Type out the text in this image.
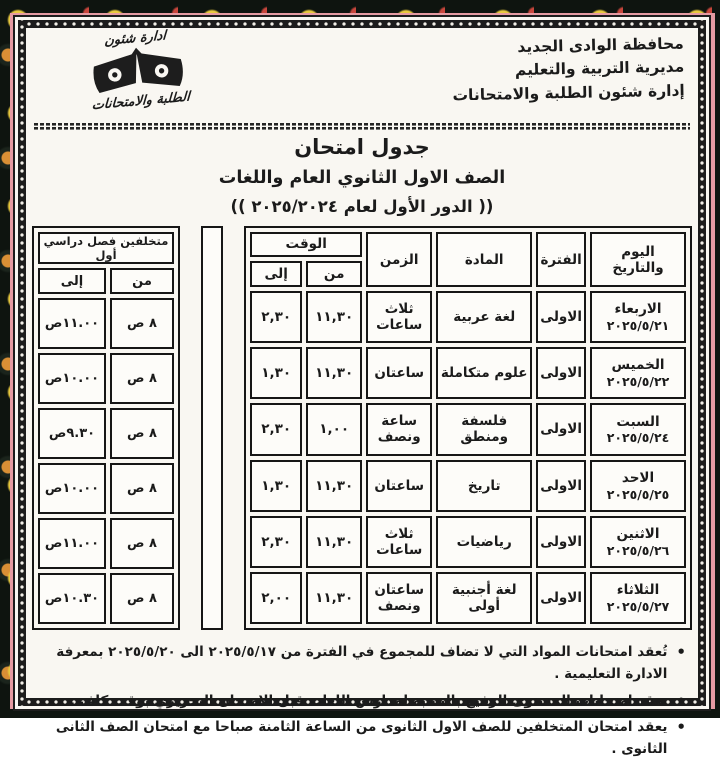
محافظة الوادى الجديد
مديرية التربية والتعليم
إدارة شئون الطلبة والامتحانات
ادارة شئون
الطلبة والامتحانات
جدول امتحان
الصف الاول الثانوي العام واللغات
(( الدور الأول لعام ٢٠٢٥/٢٠٢٤ ))
اليوم والتاريخ	الفترة	المادة	الزمن	الوقت	
				من	إلى

الاربعاء
٢٠٢٥/٥/٢١	الاولى	لغة عربية	ثلاث ساعات	١١,٣٠	٢,٣٠

الخميس
٢٠٢٥/٥/٢٢	الاولى	علوم متكاملة	ساعتان	١١,٣٠	١,٣٠

السبت
٢٠٢٥/٥/٢٤	الاولى	فلسفة ومنطق	ساعة ونصف	١,٠٠	٢,٣٠

الاحد
٢٠٢٥/٥/٢٥	الاولى	تاريخ	ساعتان	١١,٣٠	١,٣٠

الاثنين
٢٠٢٥/٥/٢٦	الاولى	رياضيات	ثلاث ساعات	١١,٣٠	٢,٣٠

الثلاثاء
٢٠٢٥/٥/٢٧	الاولى	لغة أجنبية أولى	ساعتان ونصف	١١,٣٠	٢,٠٠
متخلفين فصل دراسي أول	
من	إلى
٨ ص	١١.٠٠ص
٨ ص	١٠.٠٠ص
٨ ص	٩.٣٠ص
٨ ص	١٠.٠٠ص
٨ ص	١١.٠٠ص
٨ ص	١٠.٣٠ص
•
تُعقد امتحانات المواد التي لا تضاف للمجموع في الفترة من ٢٠٢٥/٥/١٧ الى ٢٠٢٥/٥/٢٠ بمعرفة الادارة التعليمية .
•
تعقد امتحانات المستوى الرفيع بالنسبة لمدارس اللغات قبل الامتحان التحريري بوقت كاف .
•
يعقد امتحان المتخلفين للصف الاول الثانوى من الساعة الثامنة صباحا مع امتحان الصف الثانى الثانوى .
